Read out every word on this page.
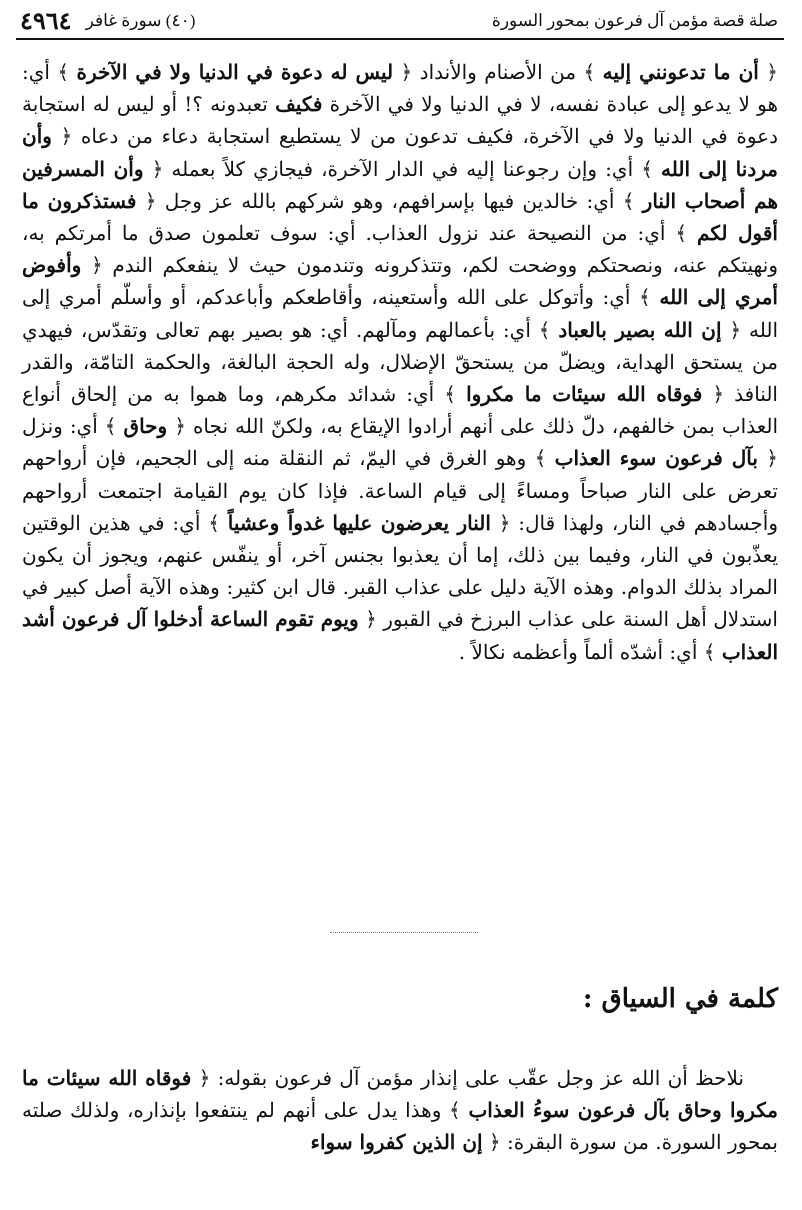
صلة قصة مؤمن آل فرعون بمحور السورة
(٤٠) سورة غافر
٤٩٦٤

﴿ أن ما تدعونني إليه ﴾ من الأصنام والأنداد ﴿ ليس له دعوة في الدنيا ولا في الآخرة ﴾ أي: هو لا يدعو إلى عبادة نفسه، لا في الدنيا ولا في الآخرة فكيف تعبدونه ؟! أو ليس له استجابة دعوة في الدنيا ولا في الآخرة، فكيف تدعون من لا يستطيع استجابة دعاء من دعاه ﴿ وأن مردنا إلى الله ﴾ أي: وإن رجوعنا إليه في الدار الآخرة، فيجازي كلاً بعمله ﴿ وأن المسرفين هم أصحاب النار ﴾ أي: خالدين فيها بإسرافهم، وهو شركهم بالله عز وجل ﴿ فستذكرون ما أقول لكم ﴾ أي: من النصيحة عند نزول العذاب. أي: سوف تعلمون صدق ما أمرتكم به، ونهيتكم عنه، ونصحتكم ووضحت لكم، وتتذكرونه وتندمون حيث لا ينفعكم الندم ﴿ وأفوض أمري إلى الله ﴾ أي: وأتوكل على الله وأستعينه، وأقاطعكم وأباعدكم، أو وأسلّم أمري إلى الله ﴿ إن الله بصير بالعباد ﴾ أي: بأعمالهم ومآلهم. أي: هو بصير بهم تعالى وتقدّس، فيهدي من يستحق الهداية، ويضلّ من يستحقّ الإضلال، وله الحجة البالغة، والحكمة التامّة، والقدر النافذ ﴿ فوقاه الله سيئات ما مكروا ﴾ أي: شدائد مكرهم، وما هموا به من إلحاق أنواع العذاب بمن خالفهم، دلّ ذلك على أنهم أرادوا الإيقاع به، ولكنّ الله نجاه ﴿ وحاق ﴾ أي: ونزل ﴿ بآل فرعون سوء العذاب ﴾ وهو الغرق في اليمّ، ثم النقلة منه إلى الجحيم، فإن أرواحهم تعرض على النار صباحاً ومساءً إلى قيام الساعة. فإذا كان يوم القيامة اجتمعت أرواحهم وأجسادهم في النار، ولهذا قال: ﴿ النار يعرضون عليها غدواً وعشياً ﴾ أي: في هذين الوقتين يعذّبون في النار، وفيما بين ذلك، إما أن يعذبوا بجنس آخر، أو ينفّس عنهم، ويجوز أن يكون المراد بذلك الدوام. وهذه الآية دليل على عذاب القبر. قال ابن كثير: وهذه الآية أصل كبير في استدلال أهل السنة على عذاب البرزخ في القبور ﴿ ويوم تقوم الساعة أدخلوا آل فرعون أشد العذاب ﴾ أي: أشدّه ألماً وأعظمه نكالاً .

كلمة في السياق :

نلاحظ أن الله عز وجل عقّب على إنذار مؤمن آل فرعون بقوله: ﴿ فوقاه الله سيئات ما مكروا وحاق بآل فرعون سوءُ العذاب ﴾ وهذا يدل على أنهم لم ينتفعوا بإنذاره، ولذلك صلته بمحور السورة. من سورة البقرة: ﴿ إن الذين كفروا سواء
